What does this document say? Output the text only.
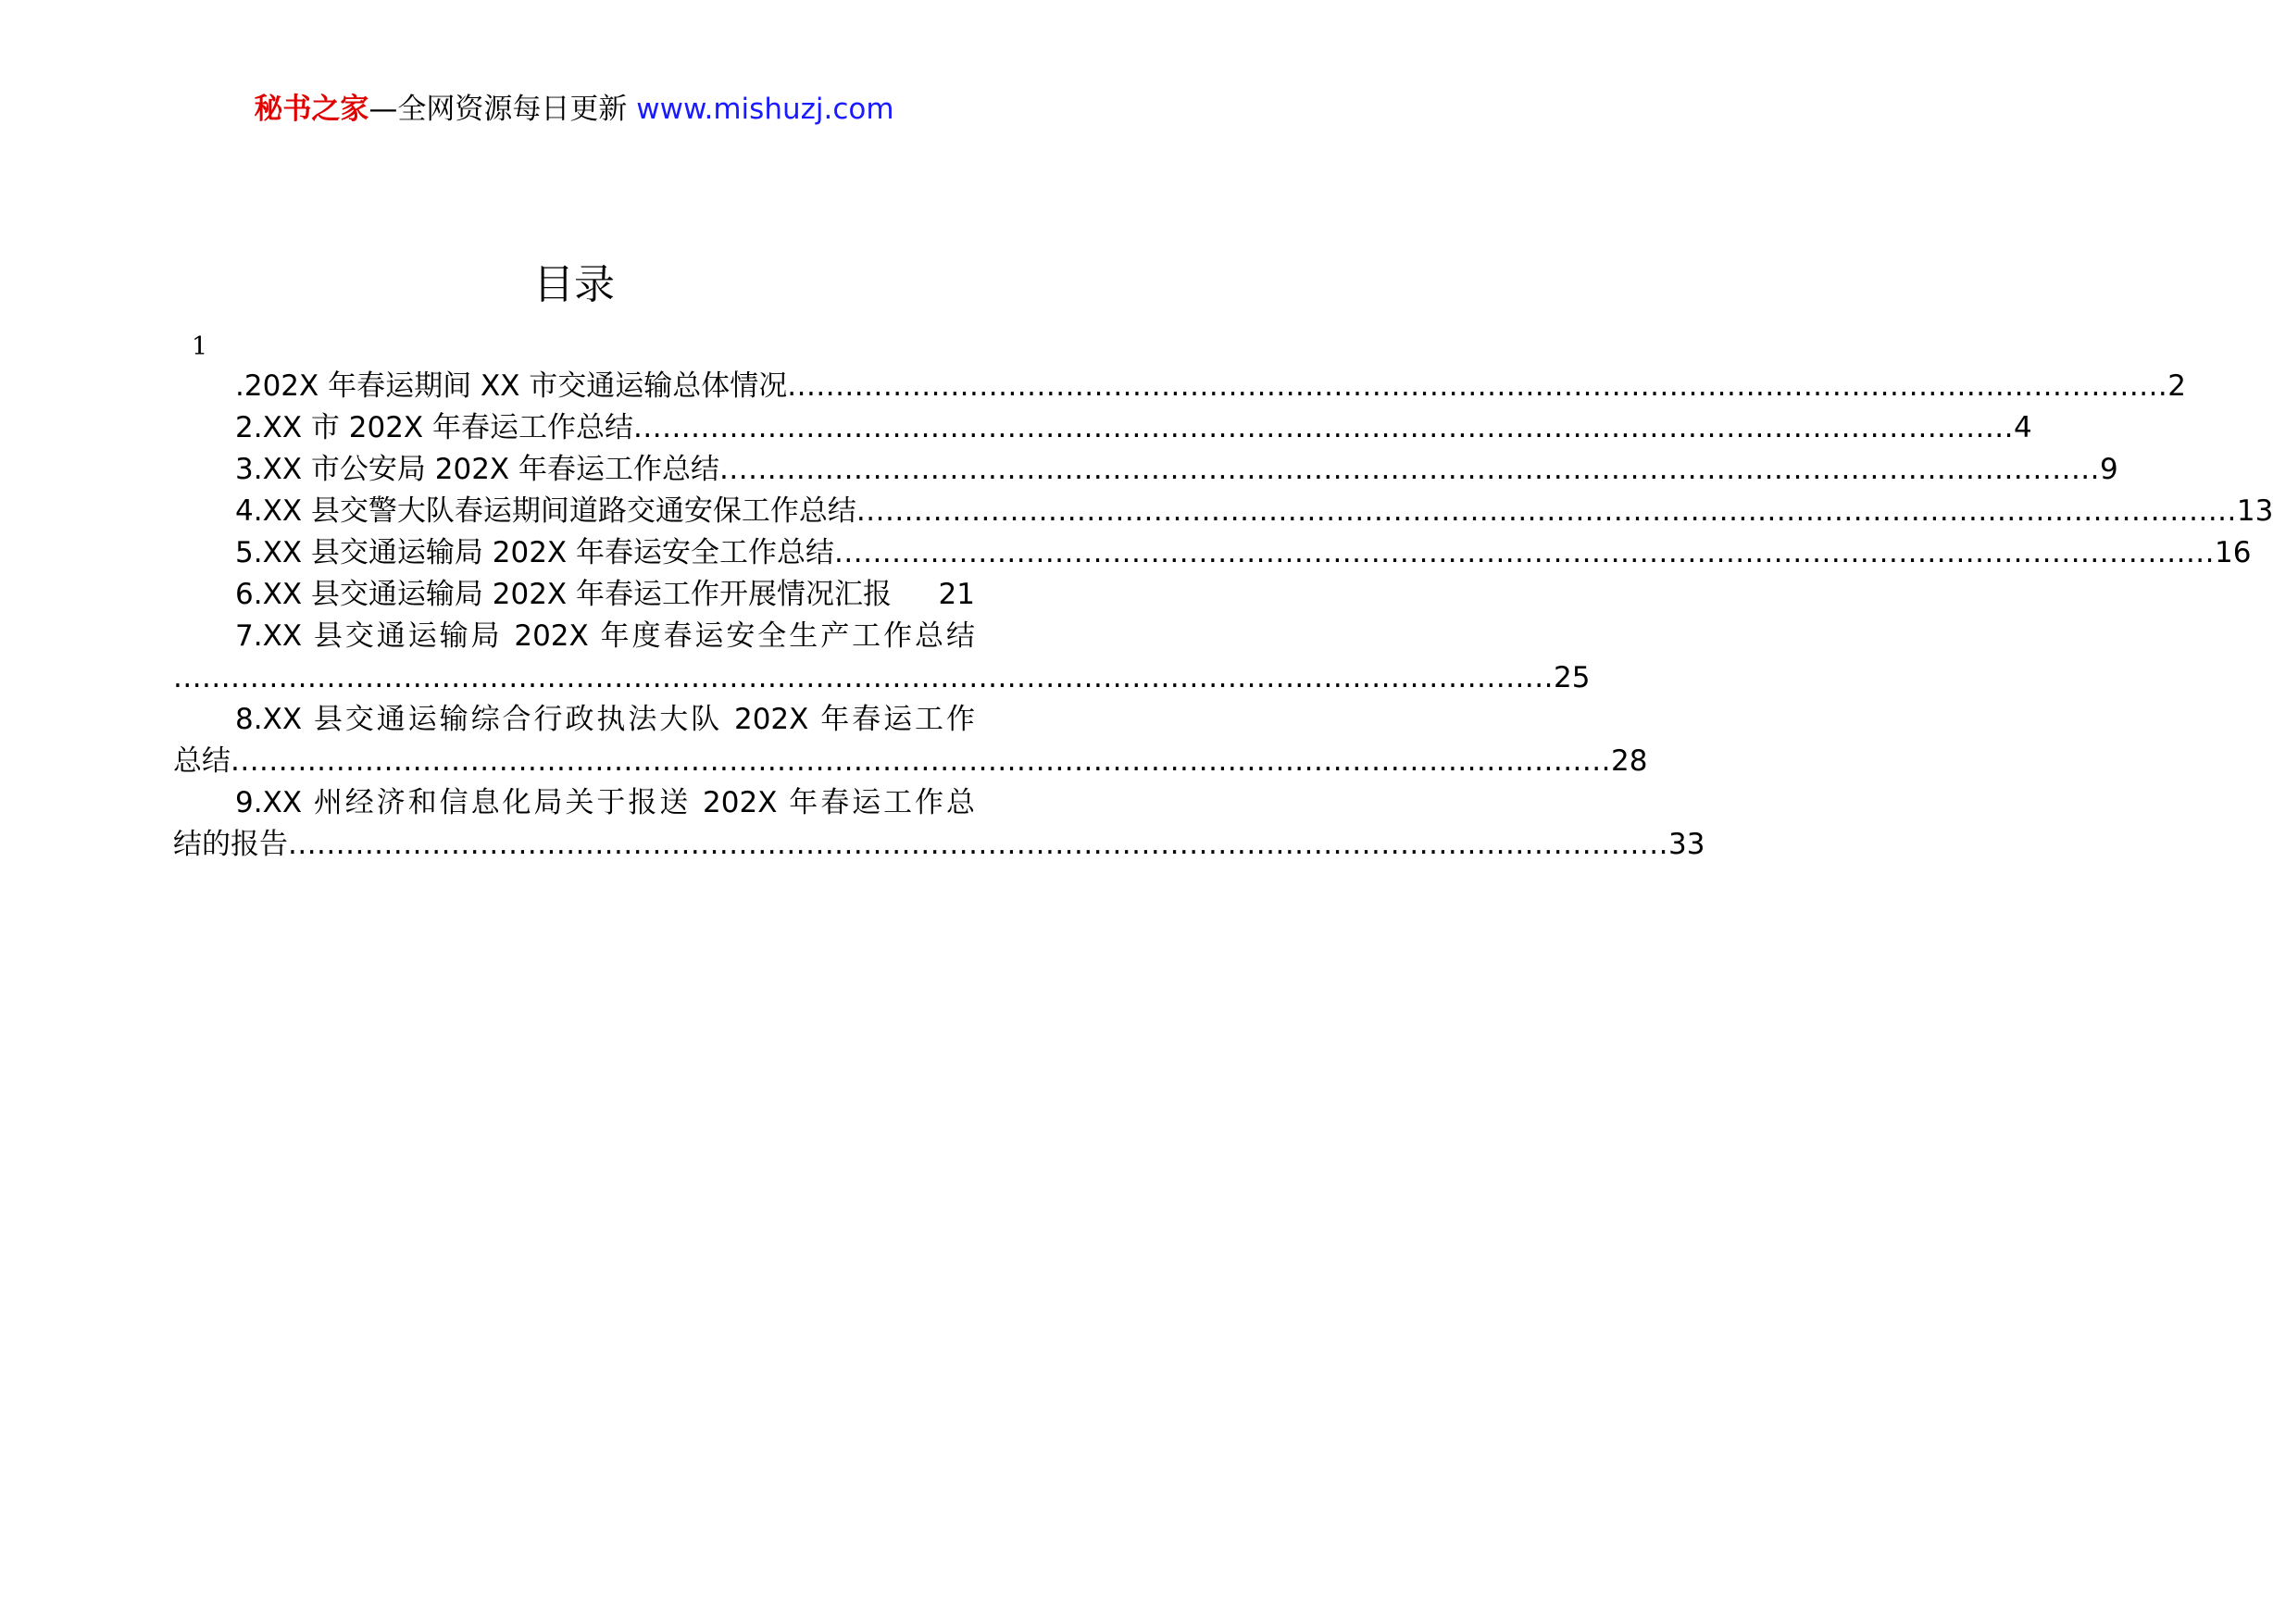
秘书之家—全网资源每日更新 www.mishuzj.com
目录
1
.202X 年春运期间 XX 市交通运输总体情况 ................................................................................................................................................ 2
2.XX 市 202X 年春运工作总结 ................................................................................................................................................ 4
3.XX 市公安局 202X 年春运工作总结 ................................................................................................................................................ 9
4.XX 县交警大队春运期间道路交通安保工作总结 ................................................................................................................................................ 13
5.XX 县交通运输局 202X 年春运安全工作总结 ................................................................................................................................................ 16
6.XX 县交通运输局 202X 年春运工作开展情况汇报 21
7.XX 县交通运输局 202X 年度春运安全生产工作总结
................................................................................................................................................ 25
8.XX 县交通运输综合行政执法大队 202X 年春运工作
总结 ................................................................................................................................................ 28
9.XX 州经济和信息化局关于报送 202X 年春运工作总
结的报告 ................................................................................................................................................ 33
